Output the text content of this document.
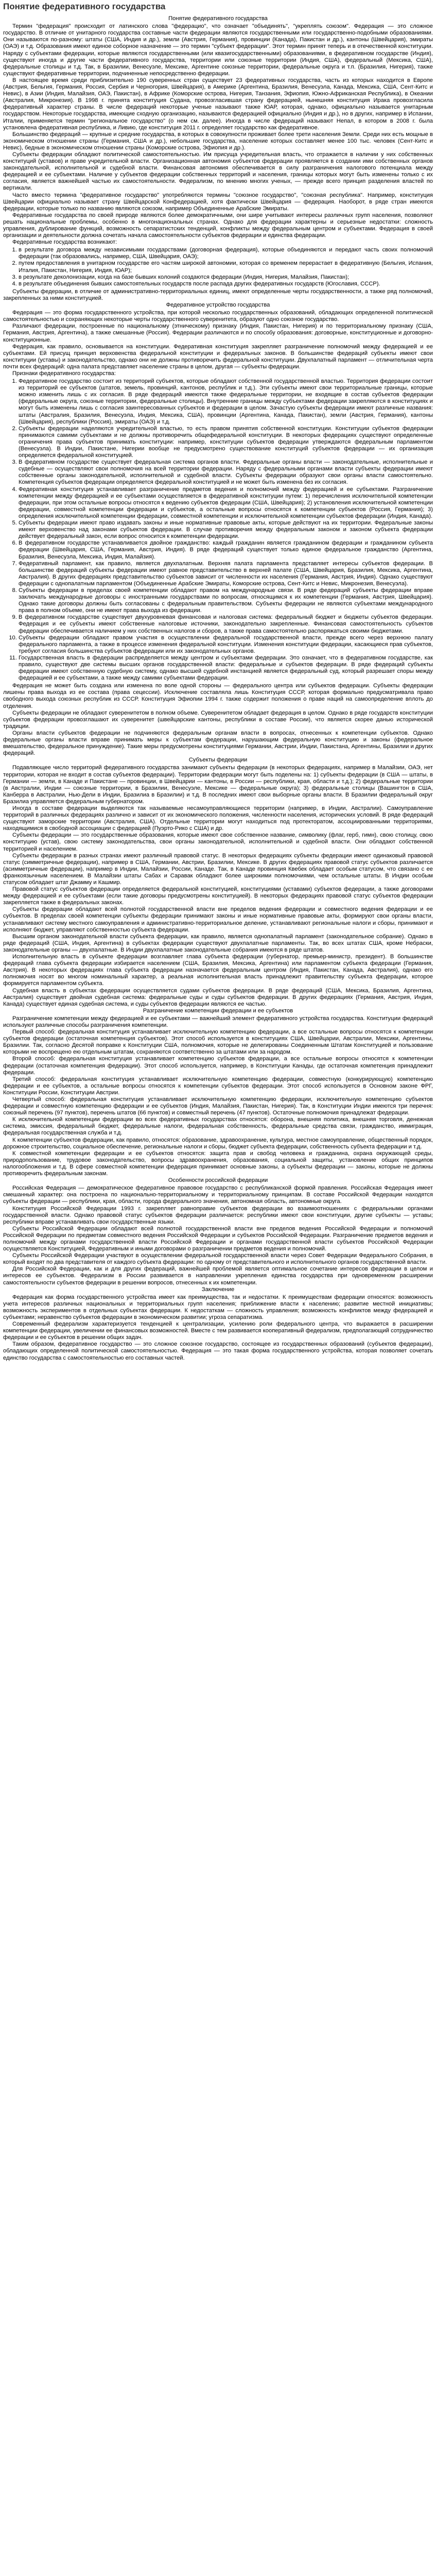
Понятие федеративного государства

Понятие федеративного государства

Термин "федерация" происходит от латинского слова "федерацио", что означает "объединять", "укреплять союзом". Федерация — это сложное государство. В отличие от унитарного государства составные части федерации являются государственными или государственно-подобными образованиями. Они называются по-разному: штаты (США, Индия и др.), земли (Австрия, Германия), провинции (Канада), Пакистан и др.), кантоны (Швейцария), эмираты (ОАЭ) и т.д. Образования имеют единое соборное назначение — это термин "субъект федерации". Этот термин принят теперь и в отечественной конституции. Наряду с субъектами федерации, которые являются государственными (или квазигосударственными) образованиями, в федеративном государстве (Индия), существуют иногда и другие части федеративного государства, территории или союзные территории (Индия, США), федеральный (Мексика, США), федеральные столицы и т.д. Так, в Бразилии, Венесуэле, Мексике, Аргентине союзные территории, федеральные округа и т.п. (Бразилия, Нигерия), также существуют федеративные территории, подчиненные непосредственно федерации.

В настоящее время среди приблизительно 190 суверенных стран существует 23 федеративных государства, часть из которых находится в Европе (Австрия, Бельгия, Германия, Россия, Сербия и Черногория, Швейцария), в Америке (Аргентина, Бразилия, Венесуэла, Канада, Мексика, США, Сент-Китс и Невис), в Азии (Индия, Малайзия, ОАЭ, Пакистан), в Африке (Коморские острова, Нигерия, Танзания, Эфиопия, Южно-Африканская Республика), в Океании (Австралия, Микронезия). В 1998 г. принята конституция Судана, провозгласившая страну федерацией, нынешняя конституция Ирака провозгласила федеративный характер страны. В числе федераций некоторые ученые называют также ЮАР, которая, однако, официально называется унитарным государством. Некоторые государства, имеющие сходную организацию, называются федерацией официально (Индия и др.), но в других, например в Испании, Италии, применяется термин "региональное государство" (о нем см. далее). Иногда в числе федераций называют Непал, в котором в 2008 г. была установлена федеративная республика, и Ливию, где конституция 2011 г. определяет государство как федеративное.

Большинство федераций — крупные и средние государства, в которых в совокупности проживает более трети населения Земли. Среди них есть мощные в экономическом отношении страны (Германия, США и др.), небольшие государства, население которых составляет менее 100 тыс. человек (Сент-Китс и Невис), бедные в экономическом отношении страны (Коморские острова, Эфиопия и др.).

Субъекты федерации обладают политической самостоятельностью. Им присуща учредительная власть, что отражается в наличии у них собственных конституций (уставов) и праве учредительной власти. Организационная автономия субъектов федерации проявляется в создании ими собственных органов законодательной, исполнительной и судебной власти. Финансовая автономия обеспечивается в силу разграничения налогового потенциала между федерацией и ее субъектами. Наличие у субъектов федерации собственных территорий и населения, границы которых могут быть изменены только с их согласия, является важнейшей частью их самостоятельности. Федерализм, по мнению многих ученых, — прежде всего принцип разделения властей по вертикали.

Часто вместо термина "федеративное государство" употребляются термины "союзное государство", "союзная республика". Например, конституция Швейцарии официально называет страну Швейцарской Конфедерацией, хотя фактически Швейцария — федерация. Наоборот, в ряде стран имеются федерации, которые только по названию являются союзом, например Объединенные Арабские Эмираты.

Федеративные государства по своей природе являются более демократичными, они шире учитывают интересы различных групп населения, позволяют решать национальные проблемы, особенно в многонациональных странах. Однако для федерации характерны и серьезные недостатки: сложность управления, дублирование функций, возможность сепаратистских тенденций, конфликты между федеральным центром и субъектами. Федерация в своей организации и деятельности должна сочетать начала самостоятельности субъектов федерации и единства федерации.

Федеративные государства возникают:

1. в результате договора между независимыми государствами (договорная федерация), которые объединяются и передают часть своих полномочий федерации (так образовались, например, США, Швейцария, ОАЭ);
2. путем предоставления в унитарном государстве его частям широкой автономии, которая со временем перерастает в федеративную (Бельгия, Испания, Италия, Пакистан, Нигерия, Индия, ЮАР);
3. в результате деколонизации, когда на базе бывших колоний создаются федерации (Индия, Нигерия, Малайзия, Пакистан);
4. в результате объединения бывших самостоятельных государств после распада других федеративных государств (Югославия, СССР).

Субъекты федерации, в отличие от административно-территориальных единиц, имеют определенные черты государственности, а также ряд полномочий, закрепленных за ними конституцией.

Федеративное устройство государства

Федерация — это форма государственного устройства, при которой несколько государственных образований, обладающих определенной политической самостоятельностью и сохраняющих некоторые черты государственного суверенитета, образуют одно союзное государство.

Различают федерации, построенные по национальному (этническому) признаку (Индия, Пакистан, Нигерия) и по территориальному признаку (США, Германия, Австрия, Аргентина), а также смешанные (Россия). Федерации различаются и по способу образования: договорные, конституционные и договорно-конституционные.

Федерация, как правило, основывается на конституции. Федеративная конституция закрепляет разграничение полномочий между федерацией и ее субъектами. Ей присущ принцип верховенства федеральной конституции и федеральных законов. В большинстве федераций субъекты имеют свои конституции (уставы) и законодательство, однако они не должны противоречить федеральной конституции. Двухпалатный парламент — отличительная черта почти всех федераций: одна палата представляет население страны в целом, другая — субъекты федерации.

Признаки федеративного государства:

1. Федеративное государство состоит из территорий субъектов, которые обладают собственной государственной властью. Территория федерации состоит из территорий ее субъектов (штатов, земель, провинций, кантонов, республик и т.д.). Эти субъекты имеют свои территориальные границы, которые можно изменить лишь с их согласия. В ряде федераций имеются также федеральные территории, не входящие в состав субъектов федерации (федеральные округа, союзные территории, федеральные столицы). Внутренние границы между субъектами федерации закрепляются в конституциях и могут быть изменены лишь с согласия заинтересованных субъектов и федерации в целом. Зачастую субъекты федерации имеют различные названия: штаты (Австралия, Бразилия, Венесуэла, Индия, Мексика, США), провинции (Аргентина, Канада, Пакистан), земли (Австрия, Германия), кантоны (Швейцария), республики (Россия), эмираты (ОАЭ) и т.д.
2. Субъекты федерации наделяются учредительной властью, то есть правом принятия собственной конституции. Конституции субъектов федерации принимаются самими субъектами и не должны противоречить общефедеральной конституции. В некоторых федерациях существуют определенные ограничения права субъектов принимать конституции: например, конституции субъектов федерации утверждаются федеральным парламентом (Венесуэла). В Индии, Пакистане, Нигерии вообще не предусмотрено существование конституций субъектов федерации — их организация определяется федеральной конституцией.
3. В федеративном государстве существует федеральная система органов власти. Федеральные органы власти — законодательные, исполнительные и судебные — осуществляют свои полномочия на всей территории федерации. Наряду с федеральными органами власти субъекты федерации имеют собственные органы законодательной, исполнительной и судебной власти. Субъекты федерации образуют свои органы власти самостоятельно. Компетенция субъектов федерации определяется федеральной конституцией и не может быть изменена без их согласия.
4. Федеративная конституция устанавливает разграничение предметов ведения и полномочий между федерацией и ее субъектами. Разграничение компетенции между федерацией и ее субъектами осуществляется в федеративной конституции путем: 1) перечисления исключительной компетенции федерации, при этом остальные вопросы относятся к ведению субъектов федерации (США, Швейцария); 2) установления исключительной компетенции федерации, совместной компетенции федерации и субъектов, а остальные вопросы относятся к компетенции субъектов (Россия, Германия); 3) определения исключительной компетенции федерации, совместной компетенции и исключительной компетенции субъектов федерации (Индия, Канада).
5. Субъекты федерации имеют право издавать законы и иные нормативные правовые акты, которые действуют на их территории. Федеральные законы имеют верховенство над законами субъектов федерации. В случае противоречия между федеральным законом и законом субъекта федерации действует федеральный закон, если вопрос относится к компетенции федерации.
6. В федеративном государстве устанавливается двойное гражданство: каждый гражданин является гражданином федерации и гражданином субъекта федерации (Швейцария, США, Германия, Австрия, Индия). В ряде федераций существует только единое федеральное гражданство (Аргентина, Бразилия, Венесуэла, Мексика, Индия, Малайзия).
7. Федеративный парламент, как правило, является двухпалатным. Верхняя палата парламента представляет интересы субъектов федерации. В большинстве федераций субъекты федерации имеют равное представительство в верхней палате (США, Швейцария, Бразилия, Мексика, Аргентина, Австралия). В других федерациях представительство субъектов зависит от численности их населения (Германия, Австрия, Индия). Однако существуют федерации с однопалатным парламентом (Объединенные Арабские Эмираты, Коморские острова, Сент-Китс и Невис, Микронезия, Венесуэла).
8. Субъекты федерации в пределах своей компетенции обладают правом на международные связи. В ряде федераций субъекты федерации вправе заключать международные договоры с иностранными государствами по вопросам, относящимся к их компетенции (Германия, Австрия, Швейцария). Однако такие договоры должны быть согласованы с федеральным правительством. Субъекты федерации не являются субъектами международного права в полном объеме, они не имеют права выхода из федерации.
9. В федеративном государстве существует двухуровневая финансовая и налоговая система: федеральный бюджет и бюджеты субъектов федерации. Федерация и ее субъекты имеют собственные налоговые источники, законодательно закрепленные. Финансовая самостоятельность субъектов федерации обеспечивается наличием у них собственных налогов и сборов, а также права самостоятельно распоряжаться своими бюджетами.
10. Субъекты федерации обладают правом участия в осуществлении федеральной государственной власти, прежде всего через верхнюю палату федерального парламента, а также в процессе изменения федеральной конституции. Изменения конституции федерации, касающиеся прав субъектов, требуют согласия большинства субъектов федерации или их законодательных органов.
11. Государственная власть в федерации распределяется между центром и субъектами федерации. Это означает, что в федеративном государстве, как правило, существуют две системы высших органов государственной власти: федеральные и субъектов федерации. В ряде федераций субъекты федерации имеют собственную судебную систему, однако высшей судебной инстанцией является федеральный суд, который разрешает споры между федерацией и ее субъектами, а также между самими субъектами федерации.

Федерация не может быть создана или изменена по воле одной стороны — федерального центра или субъектов федерации. Субъекты федерации лишены права выхода из ее состава (права сецессии). Исключение составляла лишь Конституция СССР, которая формально предусматривала право свободного выхода союзных республик из СССР. Конституция Эфиопии 1994 г. также содержит положения о праве наций на самоопределение вплоть до отделения.

Субъекты федерации не обладают суверенитетом в полном объеме. Суверенитетом обладает федерация в целом. Однако в ряде государств конституции субъектов федерации провозглашают их суверенитет (швейцарские кантоны, республики в составе России), что является скорее данью исторической традиции.

Органы власти субъектов федерации не подчиняются федеральным органам власти в вопросах, отнесенных к компетенции субъектов. Однако федеральные органы власти вправе принимать меры к субъектам федерации, нарушающим федеральную конституцию и законы (федеральное вмешательство, федеральное принуждение). Такие меры предусмотрены конституциями Германии, Австрии, Индии, Пакистана, Аргентины, Бразилии и других федераций.

Субъекты федерации

Подавляющее число территорий федеративного государства занимают субъекты федерации (в некоторых федерациях, например в Малайзии, ОАЭ, нет территории, которая не входит в состав субъектов федерации). Территории федерации могут быть поделены на: 1) субъекты федерации (в США — штаты, в Германии — земли, в Канаде и Пакистане — провинции, в Швейцарии — кантоны, в России — республики, края, области и т.д.); 2) федеральные территории (в Австралии, Индии — союзные территории, в Бразилии, Венесуэле, Мексике — федеральные округа); 3) федеральные столицы (Вашингтон в США, Канберра в Австралии, Нью-Дели в Индии, Бразилиа в Бразилии) и т.д. В последних имеют свои выборные органы власти. В Бразилии федеральный округ Бразилиа управляется федеральным губернатором.

Иногда в составе федерации выделяются так называемые несамоуправляющиеся территории (например, в Индии, Австралии). Самоуправление территорий в различных федерациях различно и зависит от их экономического положения, численности населения, исторических условий. В ряде федераций существуют заморские территории (Австралия, США). Отдельные территории могут находиться под протекторатом, ассоциированными территориями, находящимися в свободной ассоциации с федерацией (Пуэрто-Рико с США) и др.

Субъекты федерации — это государственные образования, которые имеют свое собственное название, символику (флаг, герб, гимн), свою столицу, свою конституцию (устав), свою систему законодательства, свои органы законодательной, исполнительной и судебной власти. Они обладают собственной территорией и населением.

Субъекты федерации в разных странах имеют различный правовой статус. В некоторых федерациях субъекты федерации имеют одинаковый правовой статус (симметричные федерации), например в США, Германии, Австрии, Бразилии, Мексике. В других федерациях правовой статус субъектов различается (асимметричные федерации), например в Индии, Малайзии, России, Канаде. Так, в Канаде провинция Квебек обладает особым статусом, что связано с ее франкоязычным населением. В Малайзии штаты Сабах и Саравак обладают более широкими полномочиями, чем остальные штаты. В Индии особым статусом обладает штат Джамму и Кашмир.

Правовой статус субъектов федерации определяется федеральной конституцией, конституциями (уставами) субъектов федерации, а также договорами между федерацией и ее субъектами (если такие договоры предусмотрены конституцией). В некоторых федерациях правовой статус субъектов федерации закрепляется также в федеральных законах.

Субъекты федерации обладают всей полнотой государственной власти вне пределов ведения федерации и совместного ведения федерации и ее субъектов. В пределах своей компетенции субъекты федерации принимают законы и иные нормативные правовые акты, формируют свои органы власти, устанавливают систему местного самоуправления и административно-территориальное деление, устанавливают региональные налоги и сборы, принимают и исполняют бюджет, управляют собственностью субъекта федерации.

Высшим органом законодательной власти субъекта федерации, как правило, является однопалатный парламент (законодательное собрание). Однако в ряде федераций (США, Индия, Аргентина) в субъектах федерации существуют двухпалатные парламенты. Так, во всех штатах США, кроме Небраски, законодательные органы — двухпалатные. В Индии двухпалатные законодательные собрания имеются в ряде штатов.

Исполнительную власть в субъекте федерации возглавляет глава субъекта федерации (губернатор, премьер-министр, президент). В большинстве федераций глава субъекта федерации избирается населением (США, Бразилия, Мексика, Аргентина) или парламентом субъекта федерации (Германия, Австрия). В некоторых федерациях глава субъекта федерации назначается федеральным центром (Индия, Пакистан, Канада, Австралия), однако его полномочия носят во многом номинальный характер, а реальная исполнительная власть принадлежит правительству субъекта федерации, которое формируется парламентом субъекта.

Судебная власть в субъектах федерации осуществляется судами субъектов федерации. В ряде федераций (США, Мексика, Бразилия, Аргентина, Австралия) существует двойная судебная система: федеральные суды и суды субъектов федерации. В других федерациях (Германия, Австрия, Индия, Канада) существует единая судебная система, и суды субъектов федерации являются ее частью.

Разграничение компетенции федерации и ее субъектов

Разграничение компетенции между федерацией и ее субъектами — важнейший элемент федеративного устройства государства. Конституции федераций используют различные способы разграничения компетенции.

Первый способ: федеральная конституция устанавливает исключительную компетенцию федерации, а все остальные вопросы относятся к компетенции субъектов федерации (остаточная компетенция субъектов). Этот способ используется в конституциях США, Швейцарии, Австралии, Мексики, Аргентины, Бразилии. Так, согласно Десятой поправке к Конституции США, полномочия, которые не делегированы Соединенным Штатам Конституцией и пользование которыми не воспрещено ею отдельным штатам, сохраняются соответственно за штатами или за народом.

Второй способ: федеральная конституция устанавливает компетенцию субъектов федерации, а все остальные вопросы относятся к компетенции федерации (остаточная компетенция федерации). Этот способ используется, например, в Конституции Канады, где остаточная компетенция принадлежит федерации.

Третий способ: федеральная конституция устанавливает исключительную компетенцию федерации, совместную (конкурирующую) компетенцию федерации и ее субъектов, а остальные вопросы относятся к компетенции субъектов федерации. Этот способ используется в Основном законе ФРГ, Конституции России, Конституции Австрии.

Четвертый способ: федеральная конституция устанавливает исключительную компетенцию федерации, исключительную компетенцию субъектов федерации и совместную компетенцию федерации и ее субъектов (Индия, Малайзия, Пакистан, Нигерия). Так, в Конституции Индии имеются три перечня: союзный перечень (97 пунктов), перечень штатов (66 пунктов) и совместный перечень (47 пунктов). Остаточные полномочия принадлежат федерации.

К исключительной компетенции федерации во всех федеративных государствах относятся: оборона, внешняя политика, внешняя торговля, денежная система, эмиссия, федеральный бюджет, федеральные налоги, федеральная собственность, федеральные средства связи, гражданство, иммиграция, федеральная государственная служба и т.д.

К компетенции субъектов федерации, как правило, относятся: образование, здравоохранение, культура, местное самоуправление, общественный порядок, дорожное строительство, социальное обеспечение, региональные налоги и сборы, бюджет субъекта федерации, собственность субъекта федерации и т.д.

К совместной компетенции федерации и ее субъектов относятся: защита прав и свобод человека и гражданина, охрана окружающей среды, природопользование, трудовое законодательство, вопросы здравоохранения, образования, социальной защиты, установление общих принципов налогообложения и т.д. В сфере совместной компетенции федерация принимает основные законы, а субъекты федерации — законы, которые не должны противоречить федеральным законам.

Особенности российской федерации

Российская Федерация — демократическое федеративное правовое государство с республиканской формой правления. Российская Федерация имеет смешанный характер: она построена по национально-территориальному и территориальному принципам. В составе Российской Федерации находятся субъекты федерации — республики, края, области, города федерального значения, автономная область, автономные округа.

Конституция Российской Федерации 1993 г. закрепляет равноправие субъектов федерации во взаимоотношениях с федеральными органами государственной власти. Однако правовой статус субъектов федерации различается: республики имеют свои конституции, другие субъекты — уставы; республики вправе устанавливать свои государственные языки.

Субъекты Российской Федерации обладают всей полнотой государственной власти вне пределов ведения Российской Федерации и полномочий Российской Федерации по предметам совместного ведения Российской Федерации и субъектов Российской Федерации. Разграничение предметов ведения и полномочий между органами государственной власти Российской Федерации и органами государственной власти субъектов Российской Федерации осуществляется Конституцией, Федеративным и иными договорами о разграничении предметов ведения и полномочий.

Субъекты Российской Федерации участвуют в осуществлении федеральной государственной власти через Совет Федерации Федерального Собрания, в который входят по два представителя от каждого субъекта федерации: по одному от представительного и исполнительного органов государственной власти.

Для Российской Федерации, как и для других федераций, важнейшей проблемой является оптимальное сочетание интересов федерации в целом и интересов ее субъектов. Федерализм в России развивается в направлении укрепления единства государства при одновременном расширении самостоятельности субъектов федерации в решении вопросов, отнесенных к их компетенции.

Заключение

Федерация как форма государственного устройства имеет как преимущества, так и недостатки. К преимуществам федерации относятся: возможность учета интересов различных национальных и территориальных групп населения; приближение власти к населению; развитие местной инициативы; возможность экспериментов в отдельных субъектах федерации. К недостаткам — сложность управления; возможность конфликтов между федерацией и субъектами; неравенство субъектов федерации в экономическом развитии; угроза сепаратизма.

Современный федерализм характеризуется тенденцией к централизации, усилению роли федерального центра, что выражается в расширении компетенции федерации, увеличении ее финансовых возможностей. Вместе с тем развивается кооперативный федерализм, предполагающий сотрудничество федерации и ее субъектов в решении общих задач.

Таким образом, федеративное государство — это сложное союзное государство, состоящее из государственных образований (субъектов федерации), обладающих определенной политической самостоятельностью. Федерация — это такая форма государственного устройства, которая позволяет сочетать единство государства с самостоятельностью его составных частей.
